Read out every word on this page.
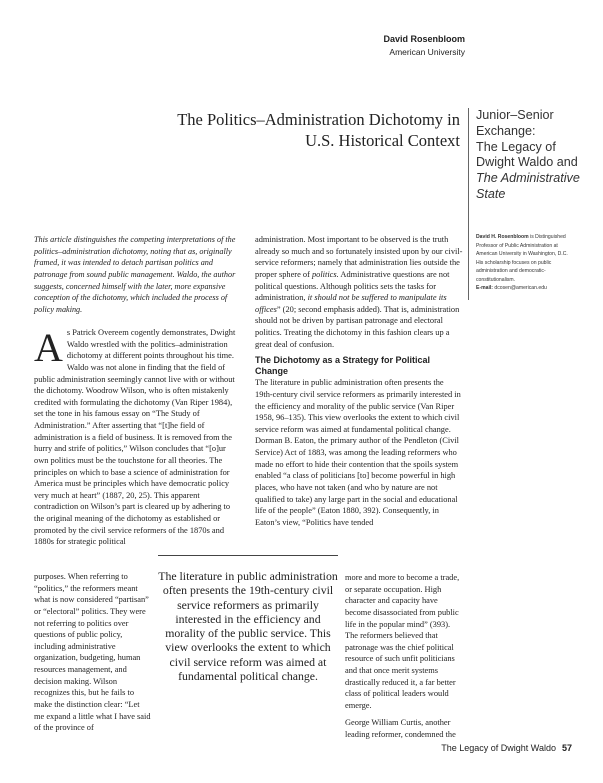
David Rosenbloom
American University
The Politics–Administration Dichotomy in U.S. Historical Context
Junior–Senior Exchange:
The Legacy of Dwight Waldo and The Administrative State
David H. Rosenbloom is Distinguished Professor of Public Administration at American University in Washington, D.C. His scholarship focuses on public administration and democratic-constitutionalism.
E-mail: dcosen@american.edu
This article distinguishes the competing interpretations of the politics–administration dichotomy, noting that as, originally framed, it was intended to detach partisan politics and patronage from sound public management. Waldo, the author suggests, concerned himself with the later, more expansive conception of the dichotomy, which included the process of policy making.
As Patrick Overeem cogently demonstrates, Dwight Waldo wrestled with the politics–administration dichotomy at different points throughout his time. Waldo was not alone in finding that the field of public administration seemingly cannot live with or without the dichotomy. Woodrow Wilson, who is often mistakenly credited with formulating the dichotomy (Van Riper 1984), set the tone in his famous essay on “The Study of Administration.” After asserting that “[t]he field of administration is a field of business. It is removed from the hurry and strife of politics,” Wilson concludes that “[o]ur own politics must be the touchstone for all theories. The principles on which to base a science of administration for America must be principles which have democratic policy very much at heart” (1887, 20, 25). This apparent contradiction on Wilson’s part is cleared up by adhering to the original meaning of the dichotomy as established or promoted by the civil service reformers of the 1870s and 1880s for strategic political
purposes. When referring to “politics,” the reformers meant what is now considered “partisan” or “electoral” politics. They were not referring to politics over questions of public policy, including administrative organization, budgeting, human resources management, and decision making. Wilson recognizes this, but he fails to make the distinction clear: “Let me expand a little what I have said of the province of

administration. Most important to be observed is the truth already so much and so fortunately insisted upon by our civil-service reformers; namely that administration lies outside the proper sphere of politics. Administrative questions are not political questions. Although politics sets the tasks for administration, it should not be suffered to manipulate its offices” (20; second emphasis added). That is, administration should not be driven by partisan patronage and electoral politics. Treating the dichotomy in this fashion clears up a great deal of confusion.

The Dichotomy as a Strategy for Political Change

The literature in public administration often presents the 19th-century civil service reformers as primarily interested in the efficiency and morality of the public service (Van Riper 1958, 96–135). This view overlooks the extent to which civil service reform was aimed at fundamental political change. Dorman B. Eaton, the primary author of the Pendleton (Civil Service) Act of 1883, was among the leading reformers who made no effort to hide their contention that the spoils system enabled “a class of politicians [to] become powerful in high places, who have not taken (and who by nature are not qualified to take) any large part in the social and educational life of the people” (Eaton 1880, 392). Consequently, in Eaton’s view, “Politics have tended

more and more to become a trade, or separate occupation. High character and capacity have become disassociated from public life in the popular mind” (393). The reformers believed that patronage was the chief political resource of such unfit politicians and that once merit systems drastically reduced it, a far better class of political leaders would emerge.
George William Curtis, another leading reformer, condemned the
The literature in public administration often presents the 19th-century civil service reformers as primarily interested in the efficiency and morality of the public service. This view overlooks the extent to which civil service reform was aimed at fundamental political change.
The Legacy of Dwight Waldo 57
